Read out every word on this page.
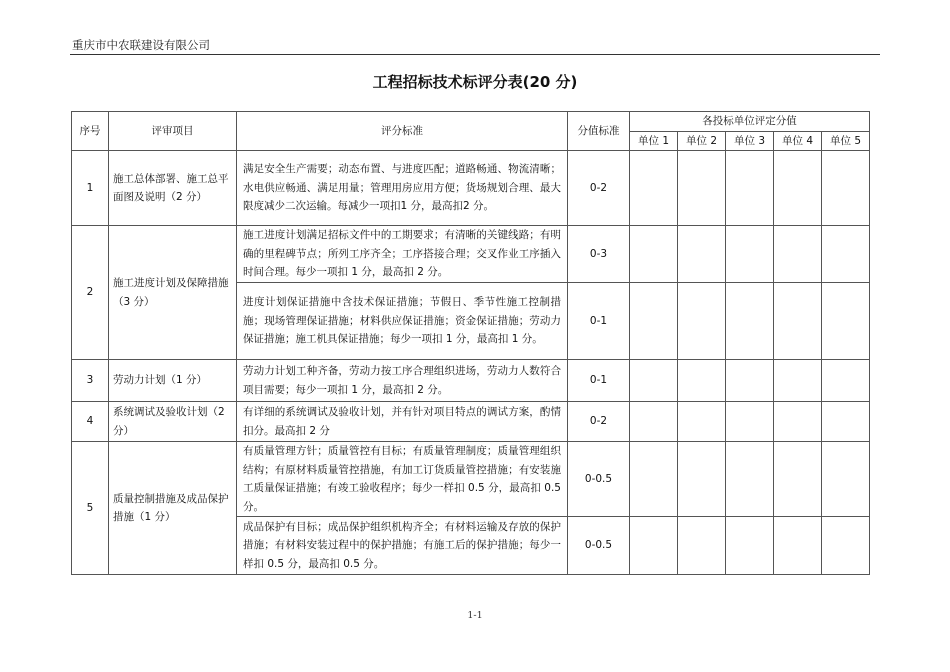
重庆市中农联建设有限公司
工程招标技术标评分表(20 分)
序号	评审项目	评分标准	分值标准	各投标单位评定分值				
				单位 1	单位 2	单位 3	单位 4	单位 5
1	施工总体部署、施工总平面图及说明（2 分）	满足安全生产需要；动态布置、与进度匹配；道路畅通、物流清晰；水电供应畅通、满足用量；管理用房应用方便；货场规划合理、最大限度减少二次运输。每减少一项扣1 分，最高扣2 分。	0-2					
2	施工进度计划及保障措施（3 分）	施工进度计划满足招标文件中的工期要求；有清晰的关键线路；有明确的里程碑节点；所列工序齐全；工序搭接合理；交叉作业工序插入时间合理。每少一项扣 1 分，最高扣 2 分。	0-3					
		进度计划保证措施中含技术保证措施；节假日、季节性施工控制措施；现场管理保证措施；材料供应保证措施；资金保证措施；劳动力保证措施；施工机具保证措施；每少一项扣 1 分，最高扣 1 分。	0-1					
3	劳动力计划（1 分）	劳动力计划工种齐备，劳动力按工序合理组织进场，劳动力人数符合项目需要；每少一项扣 1 分，最高扣 2 分。	0-1					
4	系统调试及验收计划（2 分）	有详细的系统调试及验收计划，并有针对项目特点的调试方案，酌情扣分。最高扣 2 分	0-2					
5	质量控制措施及成品保护措施（1 分）	有质量管理方针；质量管控有目标；有质量管理制度；质量管理组织结构；有原材料质量管控措施，有加工订货质量管控措施；有安装施工质量保证措施；有竣工验收程序；每少一样扣 0.5 分，最高扣 0.5 分。	0-0.5					
		成品保护有目标；成品保护组织机构齐全；有材料运输及存放的保护措施；有材料安装过程中的保护措施；有施工后的保护措施；每少一样扣 0.5 分，最高扣 0.5 分。	0-0.5					
1-1
